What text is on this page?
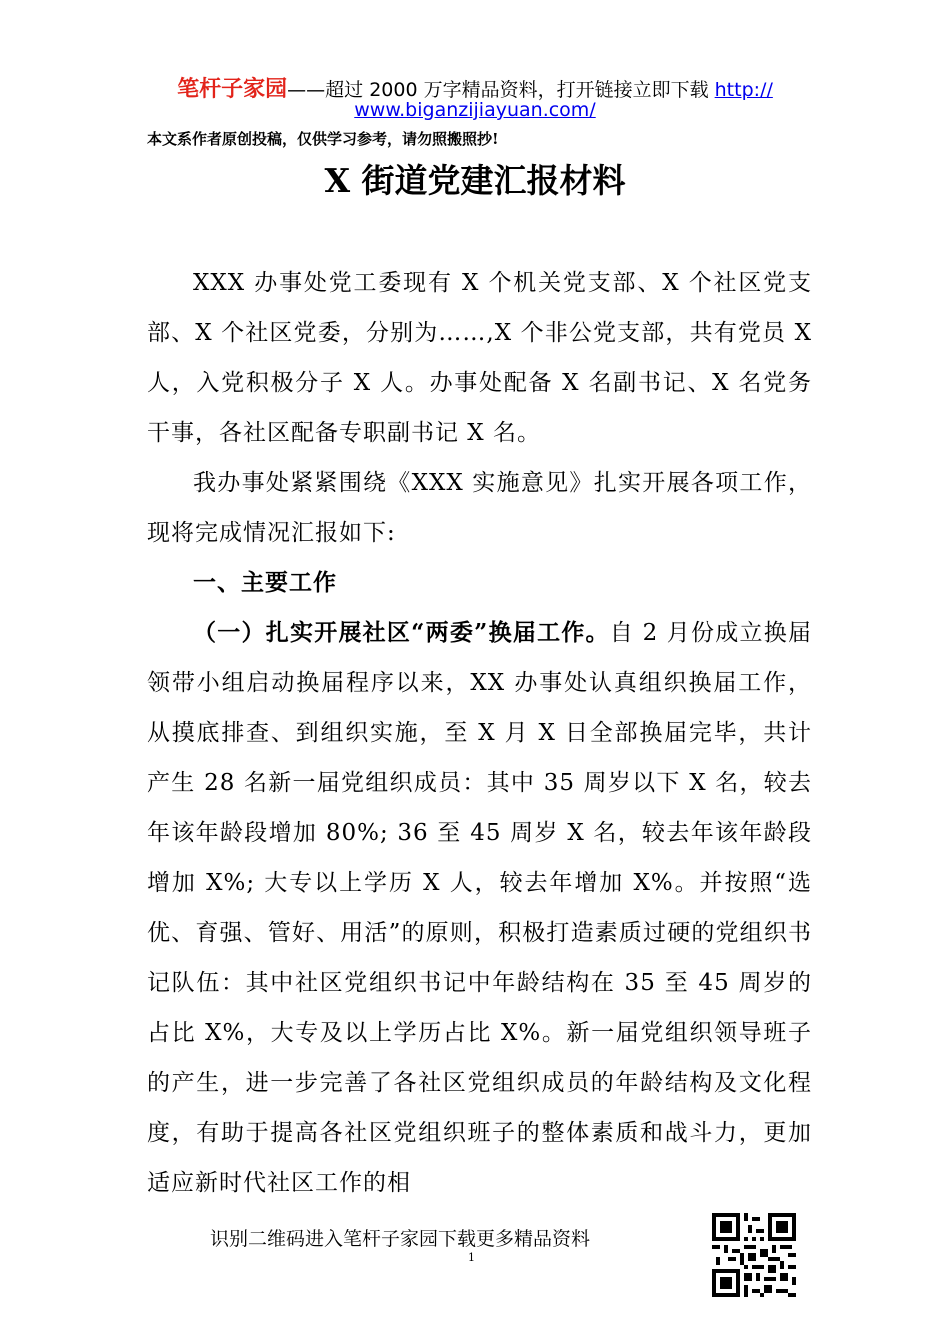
笔杆子家园——超过 2000 万字精品资料，打开链接立即下载 http://
www.biganzijiayuan.com/
本文系作者原创投稿，仅供学习参考，请勿照搬照抄!
X 街道党建汇报材料

XXX 办事处党工委现有 X 个机关党支部、X 个社区党支部、X 个社区党委，分别为……,X 个非公党支部，共有党员 X 人，入党积极分子 X 人。办事处配备 X 名副书记、X 名党务干事，各社区配备专职副书记 X 名。

我办事处紧紧围绕《XXX 实施意见》扎实开展各项工作，现将完成情况汇报如下:

一、主要工作

（一）扎实开展社区“两委”换届工作。自 2 月份成立换届领带小组启动换届程序以来，XX 办事处认真组织换届工作，从摸底排查、到组织实施，至 X 月 X 日全部换届完毕，共计产生 28 名新一届党组织成员：其中 35 周岁以下 X 名，较去年该年龄段增加 80%; 36 至 45 周岁 X 名，较去年该年龄段增加 X%; 大专以上学历 X 人，较去年增加 X%。并按照“选优、育强、管好、用活”的原则，积极打造素质过硬的党组织书记队伍：其中社区党组织书记中年龄结构在 35 至 45 周岁的占比 X%，大专及以上学历占比 X%。新一届党组织领导班子的产生，进一步完善了各社区党组织成员的年龄结构及文化程度，有助于提高各社区党组织班子的整体素质和战斗力，更加适应新时代社区工作的相

识别二维码进入笔杆子家园下载更多精品资料
1
